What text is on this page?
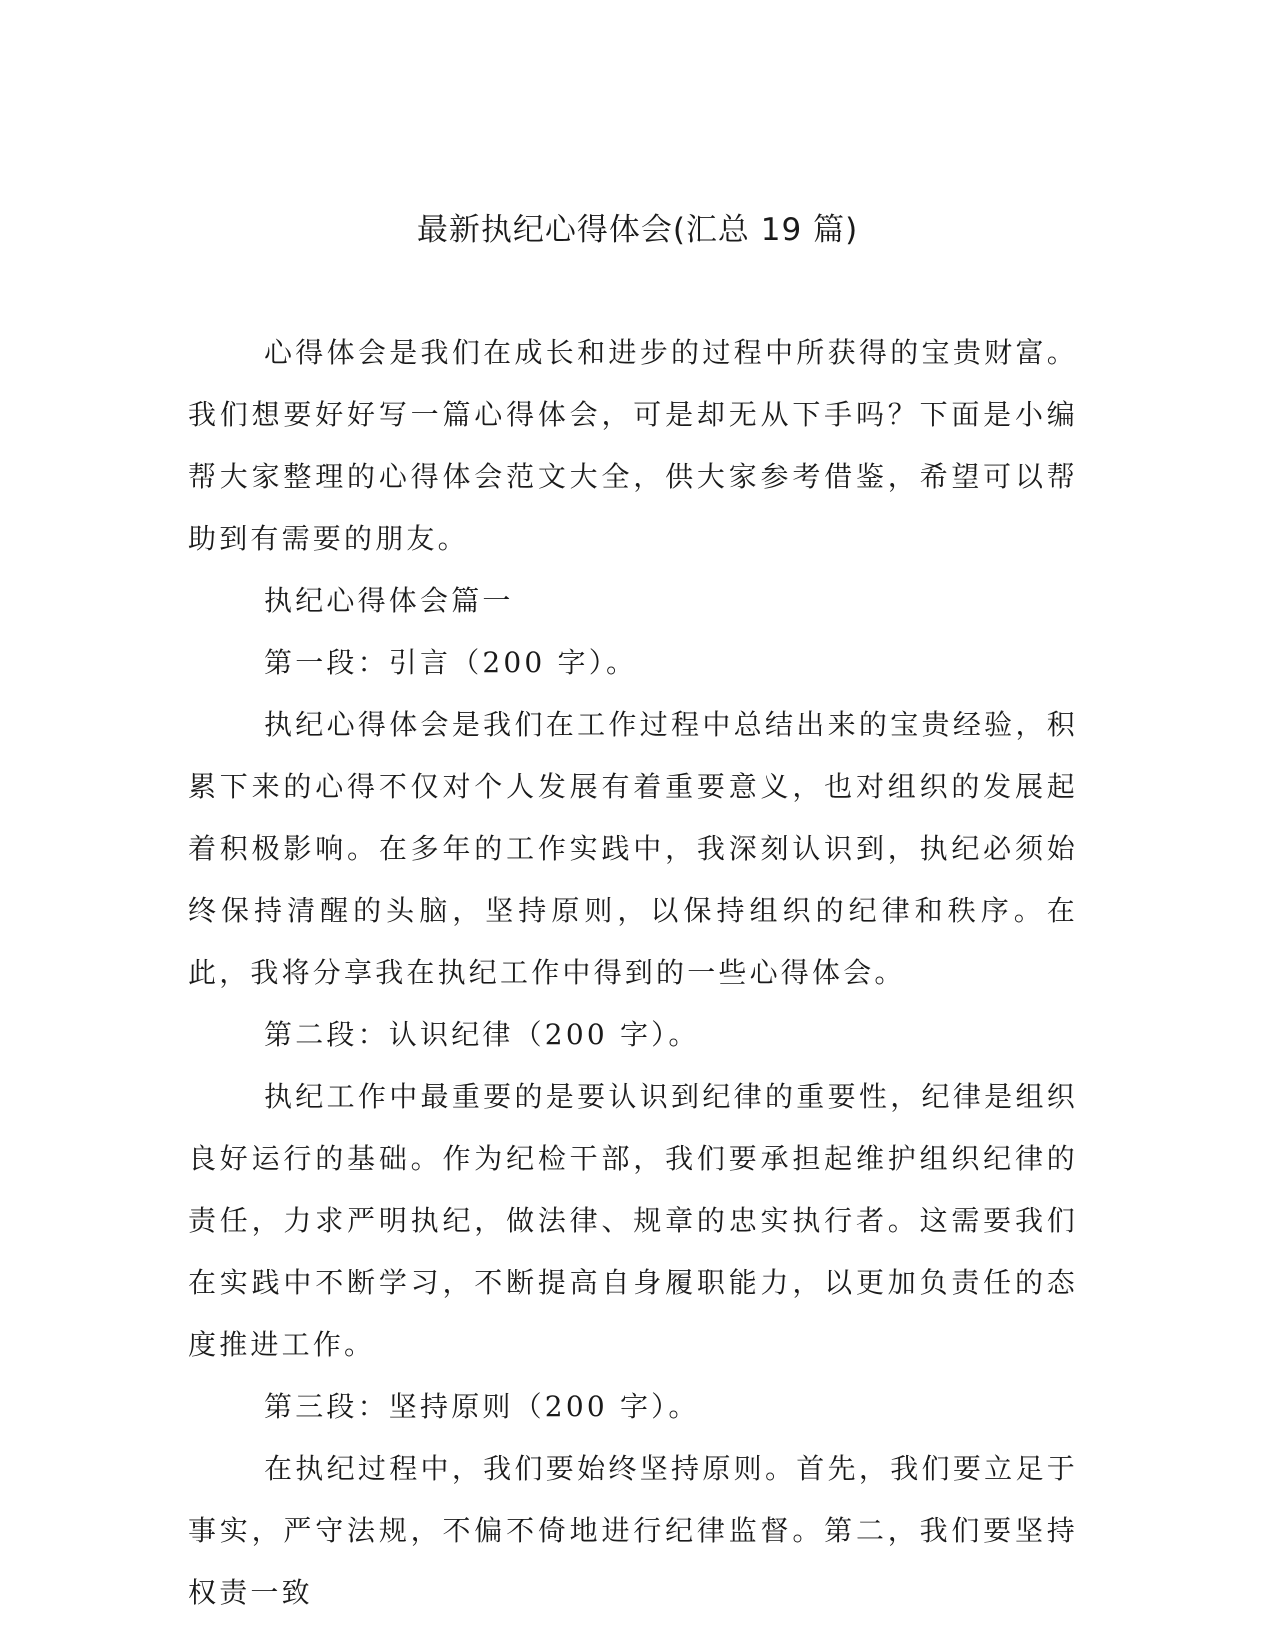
最新执纪心得体会(汇总 19 篇)

心得体会是我们在成长和进步的过程中所获得的宝贵财富。我们想要好好写一篇心得体会，可是却无从下手吗？下面是小编帮大家整理的心得体会范文大全，供大家参考借鉴，希望可以帮助到有需要的朋友。

执纪心得体会篇一

第一段：引言（200 字）。

执纪心得体会是我们在工作过程中总结出来的宝贵经验，积累下来的心得不仅对个人发展有着重要意义，也对组织的发展起着积极影响。在多年的工作实践中，我深刻认识到，执纪必须始终保持清醒的头脑，坚持原则，以保持组织的纪律和秩序。在此，我将分享我在执纪工作中得到的一些心得体会。

第二段：认识纪律（200 字）。

执纪工作中最重要的是要认识到纪律的重要性，纪律是组织良好运行的基础。作为纪检干部，我们要承担起维护组织纪律的责任，力求严明执纪，做法律、规章的忠实执行者。这需要我们在实践中不断学习，不断提高自身履职能力，以更加负责任的态度推进工作。

第三段：坚持原则（200 字）。

在执纪过程中，我们要始终坚持原则。首先，我们要立足于事实，严守法规，不偏不倚地进行纪律监督。第二，我们要坚持权责一致
